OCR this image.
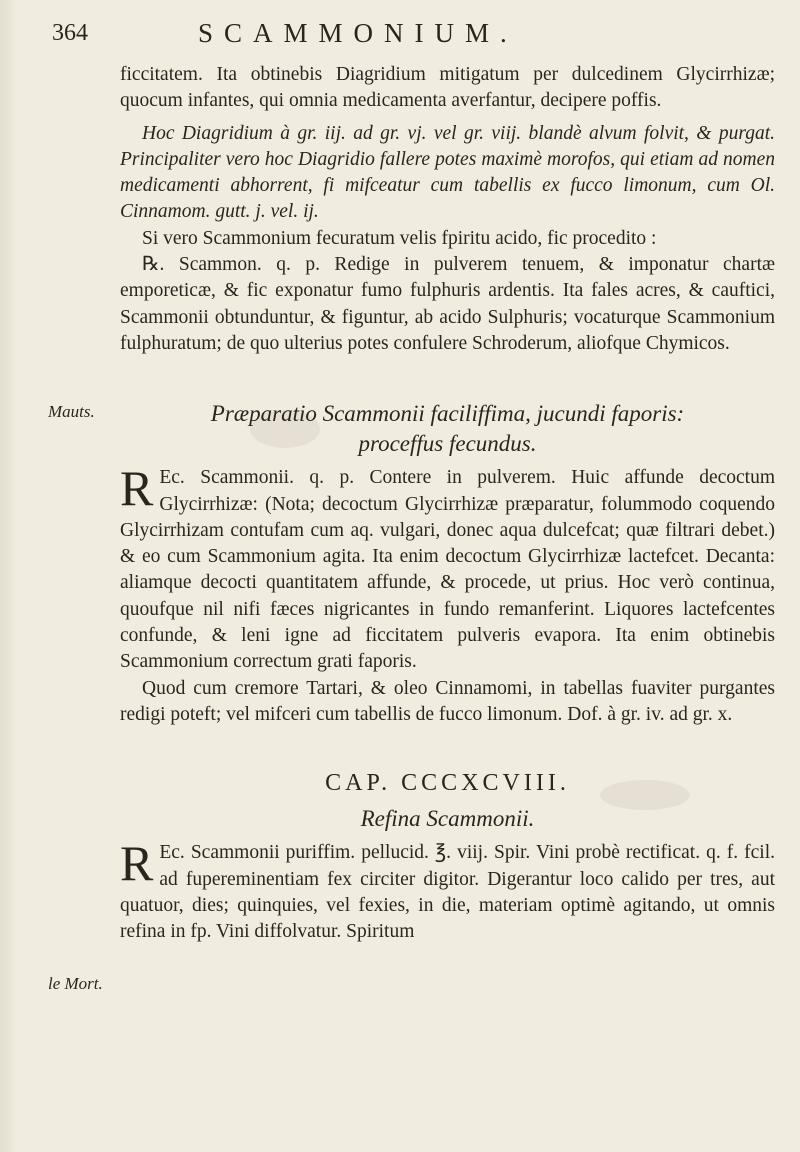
364	SCAMMONIUM.
Mauts.
le Mort.

ficcitatem. Ita obtinebis Diagridium mitigatum per dulcedinem Glycirrhizæ; quocum infantes, qui omnia medicamenta averfantur, decipere poffis.

Hoc Diagridium à gr. iij. ad gr. vj. vel gr. viij. blandè alvum folvit, & purgat. Principaliter vero hoc Diagridio fallere potes maximè morofos, qui etiam ad nomen medicamenti abhorrent, fi mifceatur cum tabellis ex fucco limonum, cum Ol. Cinnamom. gutt. j. vel. ij.

Si vero Scammonium fecuratum velis fpiritu acido, fic procedito :

℞. Scammon. q. p. Redige in pulverem tenuem, & imponatur chartæ emporeticæ, & fic exponatur fumo fulphuris ardentis. Ita fales acres, & cauftici, Scammonii obtunduntur, & figuntur, ab acido Sulphuris; vocaturque Scammonium fulphuratum; de quo ulterius potes confulere Schroderum, aliofque Chymicos.

Præparatio Scammonii faciliffima, jucundi faporis:

proceffus fecundus.

R Ec. Scammonii. q. p. Contere in pulverem. Huic affunde decoctum Glycirrhizæ: (Nota; decoctum Glycirrhizæ præparatur, folummodo coquendo Glycirrhizam contufam cum aq. vulgari, donec aqua dulcefcat; quæ filtrari debet.) & eo cum Scammonium agita. Ita enim decoctum Glycirrhizæ lactefcet. Decanta: aliamque decocti quantitatem affunde, & procede, ut prius. Hoc verò continua, quoufque nil nifi fæces nigricantes in fundo remanferint. Liquores lactefcentes confunde, & leni igne ad ficcitatem pulveris evapora. Ita enim obtinebis Scammonium correctum grati faporis.

Quod cum cremore Tartari, & oleo Cinnamomi, in tabellas fuaviter purgantes redigi poteft; vel mifceri cum tabellis de fucco limonum. Dof. à gr. iv. ad gr. x.

CAP. CCCXCVIII.

Refina Scammonii.

R Ec. Scammonii puriffim. pellucid. ℥. viij. Spir. Vini probè rectificat. q. f. fcil. ad fupereminentiam fex circiter digitor. Digerantur loco calido per tres, aut quatuor, dies; quinquies, vel fexies, in die, materiam optimè agitando, ut omnis refina in fp. Vini diffolvatur. Spiritum
